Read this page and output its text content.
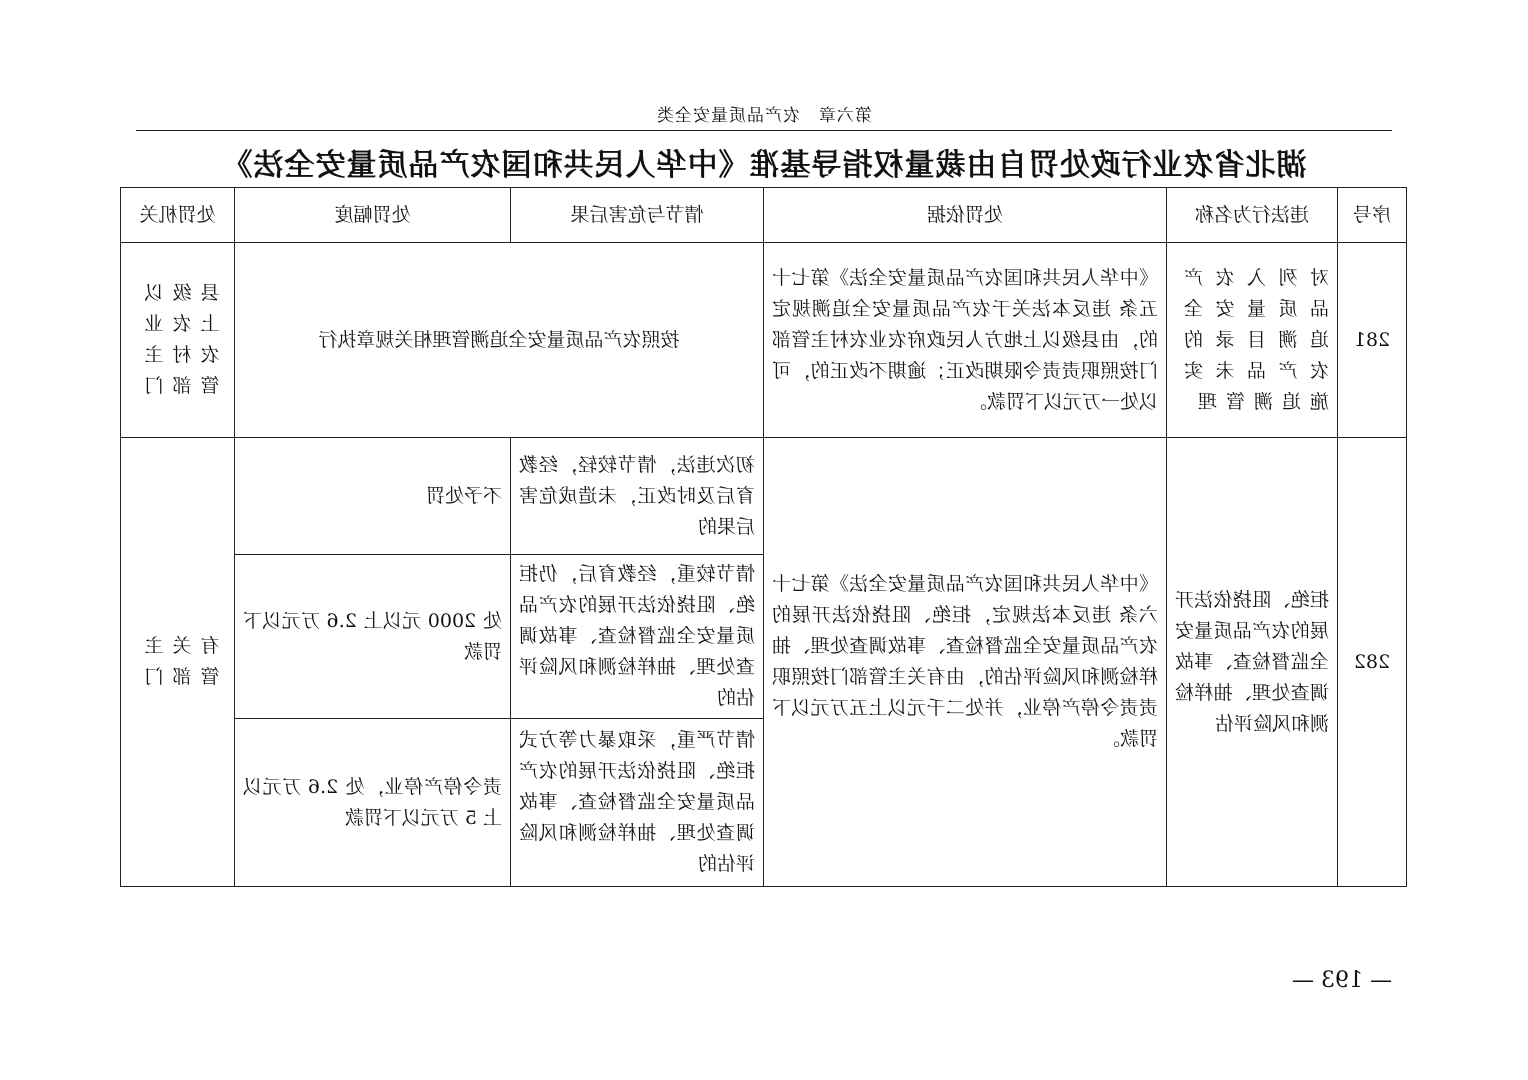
第六章　农产品质量安全类
湖北省农业行政处罚自由裁量权指导基准《中华人民共和国农产品质量安全法》
序号	违法行为名称	处罚依据	情节与危害后果	处罚幅度	处罚机关
281	对列入农产品质量安全追溯目录的农产品未实施追溯管理	《中华人民共和国农产品质量安全法》第七十五条 违反本法关于农产品质量安全追溯规定的，由县级以上地方人民政府农业农村主管部门按照职责责令限期改正；逾期不改正的，可以处一万元以下罚款。	按照农产品质量安全追溯管理相关规章执行		县级以上农业农村主管部门
282	拒绝、阻挠依法开展的农产品质量安全监督检查、事故调查处理、抽样检测和风险评估	《中华人民共和国农产品质量安全法》第七十六条 违反本法规定，拒绝、阻挠依法开展的农产品质量安全监督检查、事故调查处理、抽样检测和风险评估的，由有关主管部门按照职责责令停产停业，并处二千元以上五万元以下罚款。	初次违法，情节较轻，经教育后及时改正，未造成危害后果的	不予处罚	有关主管部门
			情节较重，经教育后，仍拒绝、阻挠依法开展的农产品质量安全监督检查、事故调查处理、抽样检测和风险评估的	处 2000 元以上 2.6 万元以下罚款	
			情节严重，采取暴力等方式拒绝、阻挠依法开展的农产品质量安全监督检查、事故调查处理、抽样检测和风险评估的	责令停产停业，处 2.6 万元以上 5 万元以下罚款	
— 193 —
